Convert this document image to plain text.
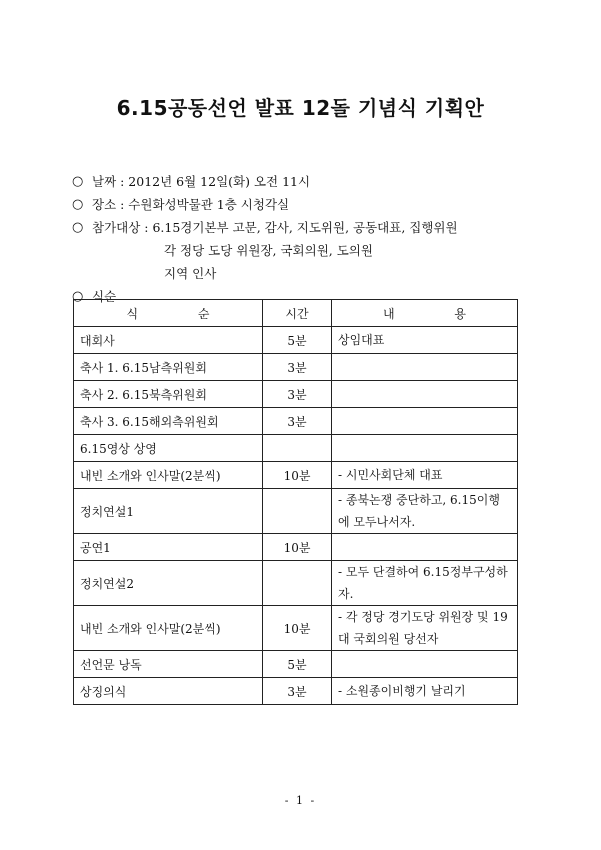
6.15공동선언 발표 12돌 기념식 기획안
○ 날짜 : 2012년 6월 12일(화) 오전 11시
○ 장소 : 수원화성박물관 1층 시청각실
○ 참가대상 : 6.15경기본부 고문, 감사, 지도위원, 공동대표, 집행위원
각 정당 도당 위원장, 국회의원, 도의원
지역 인사
○ 식순
식 순	시간	내 용
대회사	5분	상임대표
축사 1. 6.15남측위원회	3분	
축사 2. 6.15북측위원회	3분	
축사 3. 6.15해외측위원회	3분	
6.15영상 상영		
내빈 소개와 인사말(2분씩)	10분	- 시민사회단체 대표
정치연설1		- 종북논쟁 중단하고, 6.15이행에 모두나서자.
공연1	10분	
정치연설2		- 모두 단결하여 6.15정부구성하자.
내빈 소개와 인사말(2분씩)	10분	- 각 정당 경기도당 위원장 및 19대 국회의원 당선자
선언문 낭독	5분	
상징의식	3분	- 소원종이비행기 날리기
- 1 -
